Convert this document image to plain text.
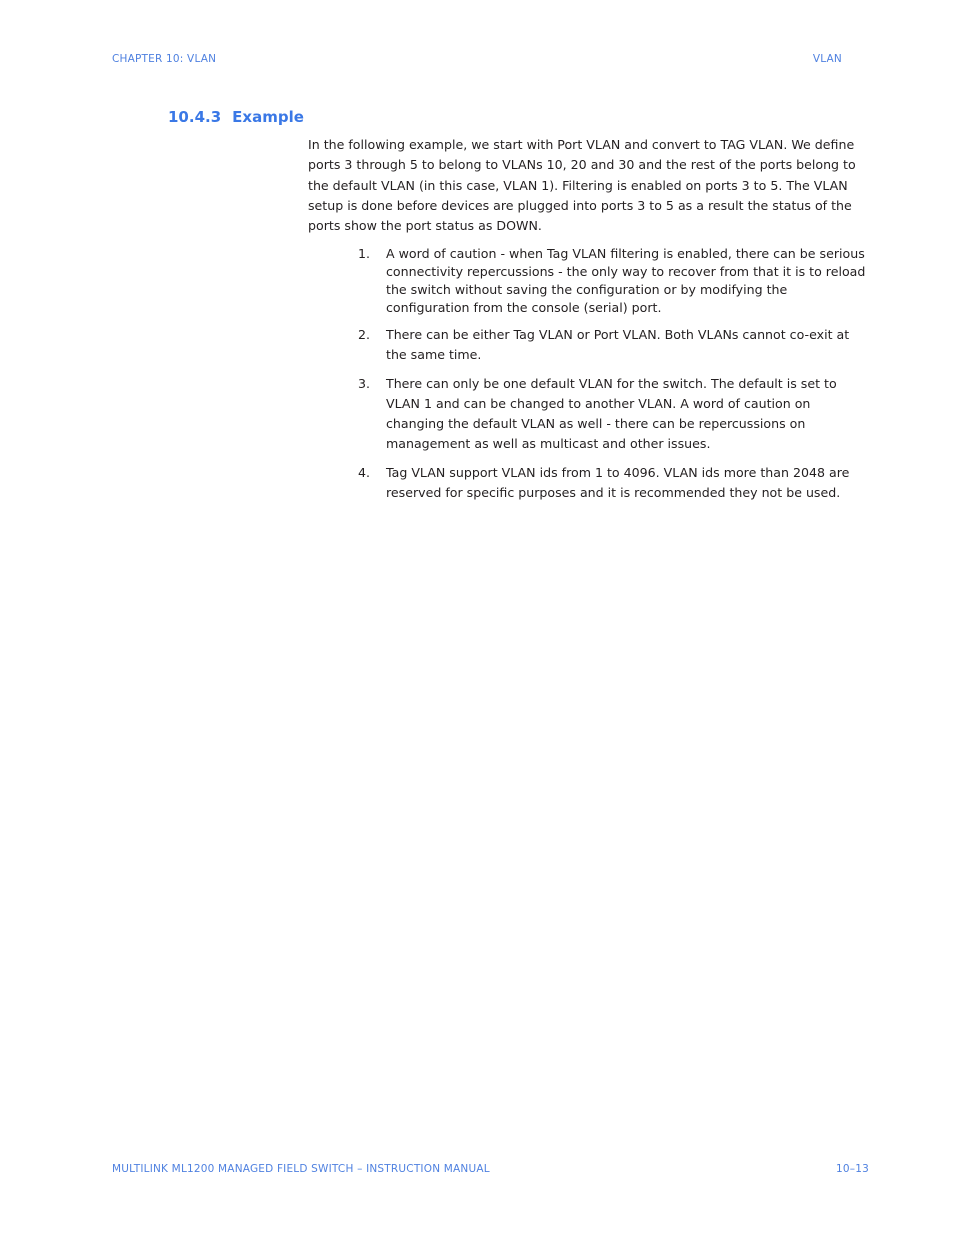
CHAPTER 10: VLAN	VLAN
10.4.3 Example

In the following example, we start with Port VLAN and convert to TAG VLAN. We define ports 3 through 5 to belong to VLANs 10, 20 and 30 and the rest of the ports belong to the default VLAN (in this case, VLAN 1). Filtering is enabled on ports 3 to 5. The VLAN setup is done before devices are plugged into ports 3 to 5 as a result the status of the ports show the port status as DOWN.

1. A word of caution - when Tag VLAN filtering is enabled, there can be serious connectivity repercussions - the only way to recover from that it is to reload the switch without saving the configuration or by modifying the configuration from the console (serial) port.
2. There can be either Tag VLAN or Port VLAN. Both VLANs cannot co-exit at the same time.
3. There can only be one default VLAN for the switch. The default is set to VLAN 1 and can be changed to another VLAN. A word of caution on changing the default VLAN as well - there can be repercussions on management as well as multicast and other issues.
4. Tag VLAN support VLAN ids from 1 to 4096. VLAN ids more than 2048 are reserved for specific purposes and it is recommended they not be used.
MULTILINK ML1200 MANAGED FIELD SWITCH – INSTRUCTION MANUAL	10–13
